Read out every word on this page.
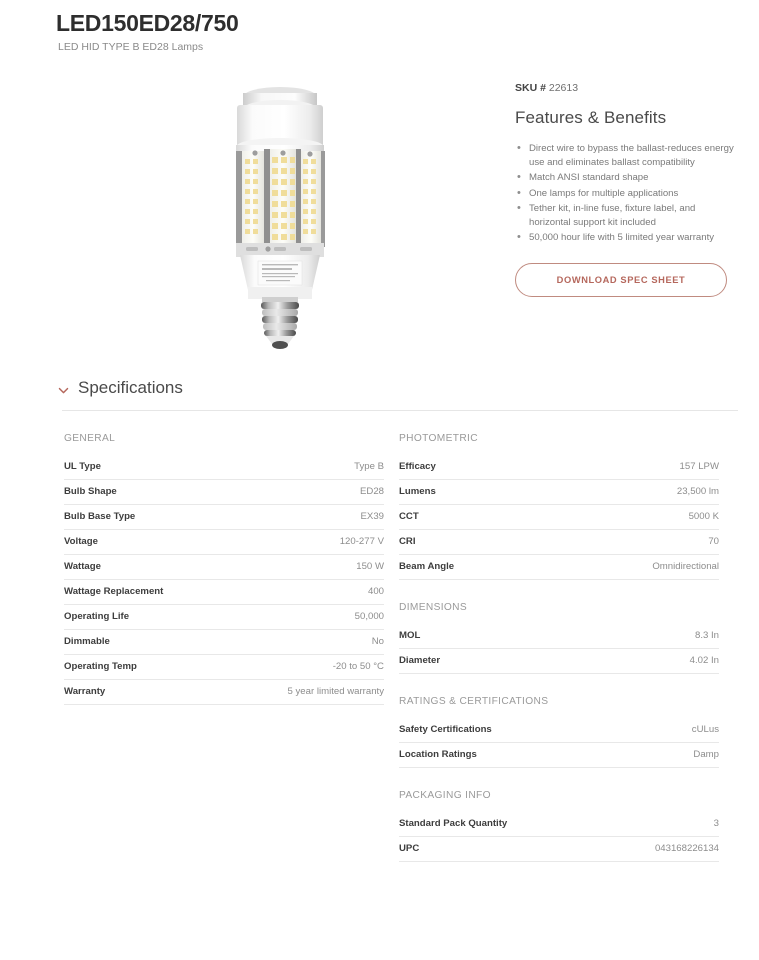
LED150ED28/750
LED HID TYPE B ED28 Lamps
SKU # 22613
Features & Benefits
• Direct wire to bypass the ballast-reduces energy use and eliminates ballast compatibility
• Match ANSI standard shape
• One lamps for multiple applications
• Tether kit, in-line fuse, fixture label, and horizontal support kit included
• 50,000 hour life with 5 limited year warranty
DOWNLOAD SPEC SHEET
Specifications
GENERAL
UL Type	Type B
Bulb Shape	ED28
Bulb Base Type	EX39
Voltage	120-277 V
Wattage	150 W
Wattage Replacement	400
Operating Life	50,000
Dimmable	No
Operating Temp	-20 to 50 °C
Warranty	5 year limited warranty
PHOTOMETRIC
Efficacy	157 LPW
Lumens	23,500 lm
CCT	5000 K
CRI	70
Beam Angle	Omnidirectional
DIMENSIONS
MOL	8.3 In
Diameter	4.02 In
RATINGS & CERTIFICATIONS
Safety Certifications	cULus
Location Ratings	Damp
PACKAGING INFO
Standard Pack Quantity	3
UPC	043168226134
